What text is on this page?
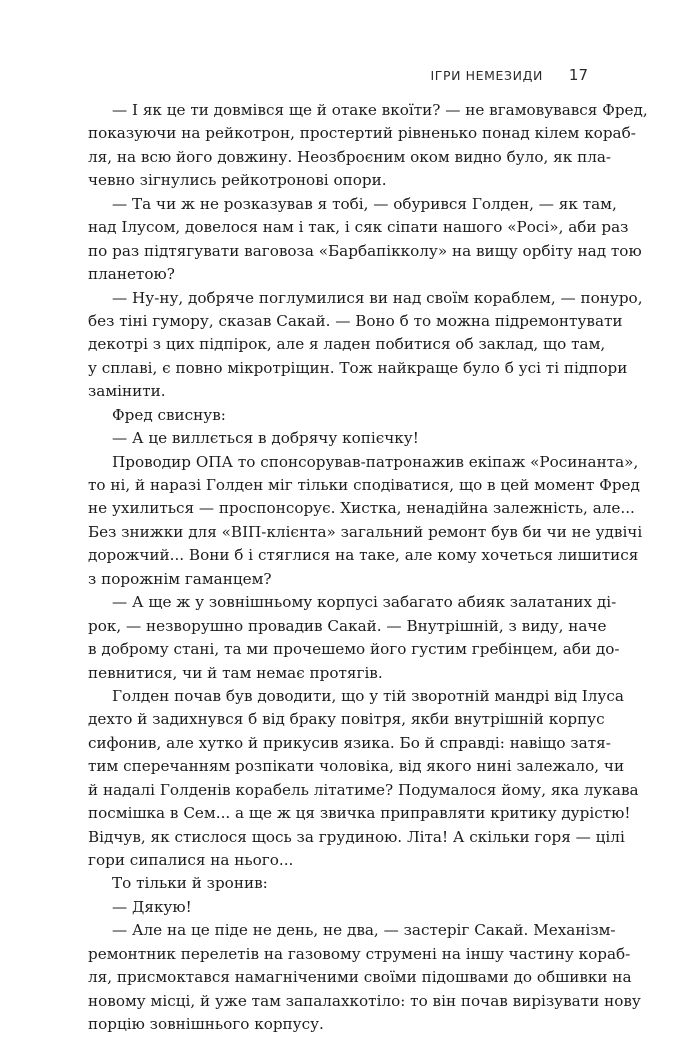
ІГРИ НЕМЕЗИДИ 17
— І як це ти довмівся ще й отаке вкоїти? — не вгамовувався Фред,
показуючи на рейкотрон, простертий рівненько понад кілем кораб-
ля, на всю його довжину. Неозброєним оком видно було, як пла-
чевно зігнулись рейкотронові опори.
— Та чи ж не розказував я тобі, — обурився Голден, — як там,
над Ілусом, довелося нам і так, і сяк сіпати нашого «Росі», аби раз
по раз підтягувати ваговоза «Барбапікколу» на вищу орбіту над тою
планетою?
— Ну-ну, добряче поглумилися ви над своїм кораблем, — понуро,
без тіні гумору, сказав Сакай. — Воно б то можна підремонтувати
декотрі з цих підпірок, але я ладен побитися об заклад, що там,
у сплаві, є повно мікротріщин. Тож найкраще було б усі ті підпори
замінити.
Фред свиснув:
— А це виллється в добрячу копієчку!
Проводир ОПА то спонсорував-патронажив екіпаж «Росинанта»,
то ні, й наразі Голден міг тільки сподіватися, що в цей момент Фред
не ухилиться — проспонсорує. Хистка, ненадійна залежність, але...
Без знижки для «ВІП-клієнта» загальний ремонт був би чи не удвічі
дорожчий... Вони б і стяглися на таке, але кому хочеться лишитися
з порожнім гаманцем?
— А ще ж у зовнішньому корпусі забагато абияк залатаних ді-
рок, — незворушно провадив Сакай. — Внутрішній, з виду, наче
в доброму стані, та ми прочешемо його густим гребінцем, аби до-
певнитися, чи й там немає протягів.
Голден почав був доводити, що у тій зворотній мандрі від Ілуса
дехто й задихнувся б від браку повітря, якби внутрішній корпус
сифонив, але хутко й прикусив язика. Бо й справді: навіщо затя-
тим сперечанням розпікати чоловіка, від якого нині залежало, чи
й надалі Голденів корабель літатиме? Подумалося йому, яка лукава
посмішка в Сем... а ще ж ця звичка приправляти критику дурістю!
Відчув, як стислося щось за грудиною. Літа! А скільки горя — цілі
гори сипалися на нього...
То тільки й зронив:
— Дякую!
— Але на це піде не день, не два, — застеріг Сакай. Механізм-
ремонтник перелетів на газовому струмені на іншу частину кораб-
ля, присмоктався намагніченими своїми підошвами до обшивки на
новому місці, й уже там запалахкотіло: то він почав вирізувати нову
порцію зовнішнього корпусу.
